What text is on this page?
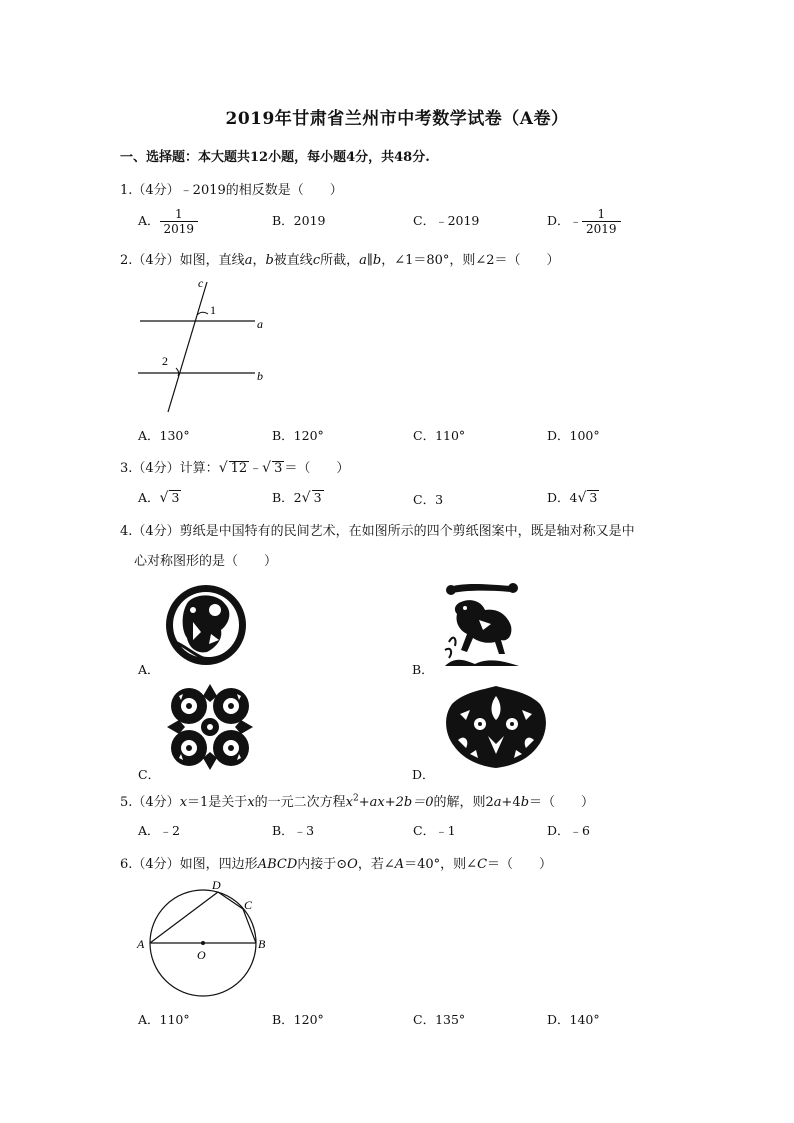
2019年甘肃省兰州市中考数学试卷（A卷）
一、选择题：本大题共12小题，每小题4分，共48分.
1.（4分）﹣2019的相反数是（　　）
A． $\frac{1}{2019}$	B．2019	C．﹣2019	D．﹣ $\frac{1}{2019}$
2.（4分）如图，直线a，b被直线c所截，a∥b，∠1＝80°，则∠2＝（　　）
c
1
a
2
b
A．130°	B．120°	C．110°	D．100°
3.（4分）计算：√ 12 ﹣√ 3 ＝（　　）
A．√ 3	B．2√ 3	C．3	D．4√ 3
4.（4分）剪纸是中国特有的民间艺术，在如图所示的四个剪纸图案中，既是轴对称又是中
心对称图形的是（　　）
A．	B．
C．	D．
5.（4分）x＝1是关于x的一元二次方程$x^2+ax+2b=0$的解，则2a+4b＝（　　）
A．﹣2	B．﹣3	C．﹣1	D．﹣6
6.（4分）如图，四边形ABCD内接于⊙O，若∠A＝40°，则∠C＝（　　）
D
C
A	B
O
A．110°	B．120°	C．135°	D．140°
